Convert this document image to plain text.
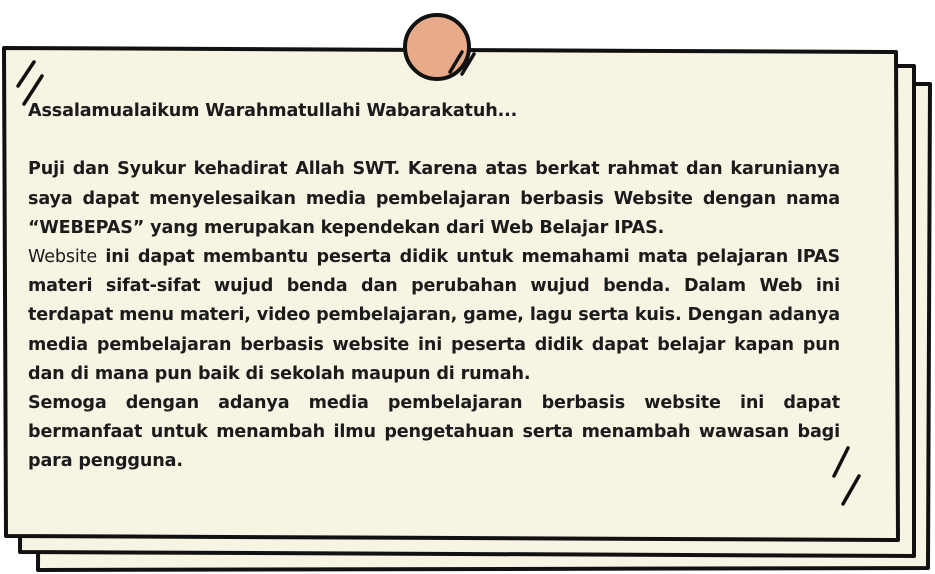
Assalamualaikum Warahmatullahi Wabarakatuh...

Puji dan Syukur kehadirat Allah SWT. Karena atas berkat rahmat dan karunianya saya dapat menyelesaikan media pembelajaran berbasis Website dengan nama “WEBEPAS” yang merupakan kependekan dari Web Belajar IPAS.

Website ini dapat membantu peserta didik untuk memahami mata pelajaran IPAS materi sifat-sifat wujud benda dan perubahan wujud benda. Dalam Web ini terdapat menu materi, video pembelajaran, game, lagu serta kuis. Dengan adanya media pembelajaran berbasis website ini peserta didik dapat belajar kapan pun dan di mana pun baik di sekolah maupun di rumah.

Semoga dengan adanya media pembelajaran berbasis website ini dapat bermanfaat untuk menambah ilmu pengetahuan serta menambah wawasan bagi para pengguna.
